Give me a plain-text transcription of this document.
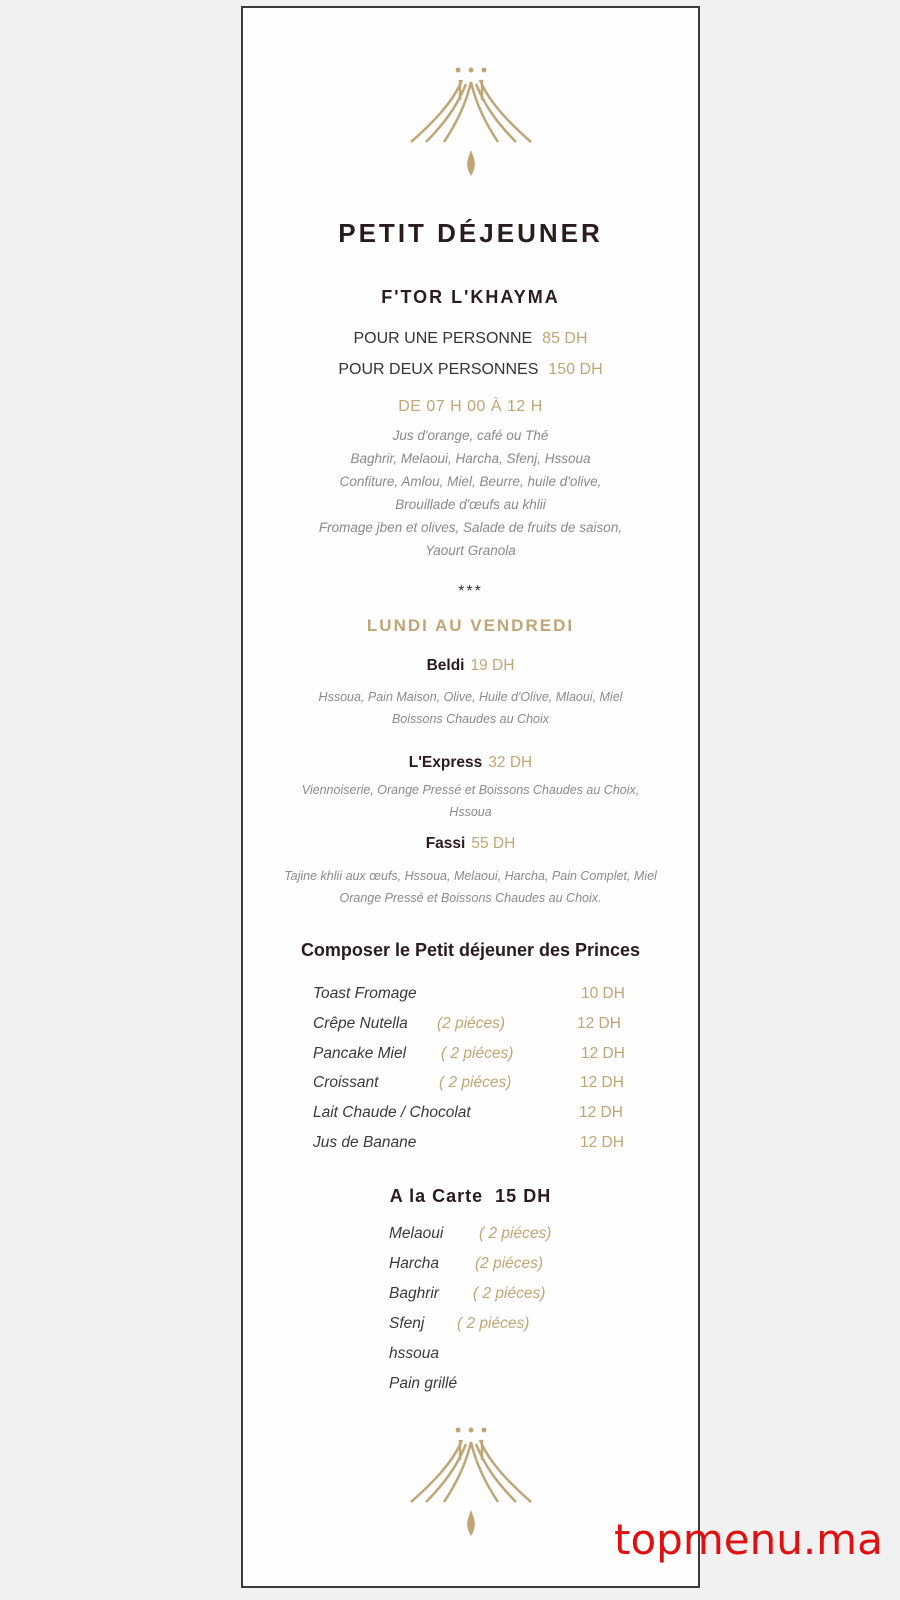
PETIT DÉJEUNER
F'TOR L'KHAYMA
POUR UNE PERSONNE 85 DH
POUR DEUX PERSONNES 150 DH
DE 07 H 00 À 12 H
Jus d'orange, café ou Thé
Baghrir, Melaoui, Harcha, Sfenj, Hssoua
Confiture, Amlou, Miel, Beurre, huile d'olive,
Brouillade d'œufs au khlii
Fromage jben et olives, Salade de fruits de saison,
Yaourt Granola
***
LUNDI AU VENDREDI
Beldi 19 DH
Hssoua, Pain Maison, Olive, Huile d'Olive, Mlaoui, Miel
Boissons Chaudes au Choix
L'Express 32 DH
Viennoiserie, Orange Pressé et Boissons Chaudes au Choix,
Hssoua
Fassi 55 DH
Tajine khlii aux œufs, Hssoua, Melaoui, Harcha, Pain Complet, Miel
Orange Pressé et Boissons Chaudes au Choix.
Composer le Petit déjeuner des Princes
Toast Fromage	10 DH
Crêpe Nutella (2 piéces)	12 DH
Pancake Miel ( 2 piéces)	12 DH
Croissant	( 2 piéces)	12 DH
Lait Chaude / Chocolat	12 DH
Jus de Banane	12 DH
A la Carte 15 DH
Melaoui ( 2 piéces)
Harcha (2 piéces)
Baghrir ( 2 piéces)
Sfenj ( 2 piéces)
hssoua
Pain grillé
topmenu.ma
